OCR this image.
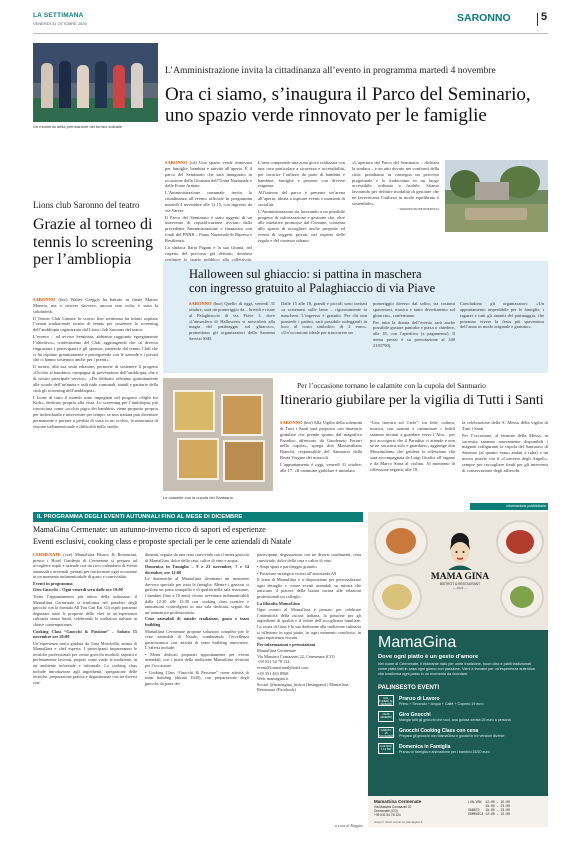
LA SETTIMANA
VENERDÌ 31 OTTOBRE 2025	SARONNO	5
L’Amministrazione invita la cittadinanza all’evento in programma martedì 4 novembre
Ora ci siamo, s’inaugura il Parco del Seminario,
uno spazio verde rinnovato per le famiglie

SARONNO (cd) Uno spazio verde rinnovato per famiglie, bambini e attività all’aperto. È il parco del Seminario che sarà inaugurato in occasione della Giornata dell’Unità Nazionale e delle Forze Armate.

L’Amministrazione comunale invita la cittadinanza all’evento ufficiale in programma martedì 4 novembre alle 11.15, con ingresso da via Varese.

Il Parco del Seminario è stato oggetto di un intervento di riqualificazione avviato dalla precedente Amministrazione e finanziato con fondi del PNRR – Piano Nazionale di Ripresa e Resilienza.

La sindaca Ilaria Pagani e la sua Giunta, nel rispetto del percorso già definito, desidera restituire lo spazio pubblico alla collettività,

L’area comprende una zona gioco realizzata con una cura particolare a sicurezza e accessibilità, per favorire l’utilizzo da parte di bambini e bambine, famiglie e persone con diverse esigenze.

All’interno del parco è presente un’arena all’aperto, ideata a ospitare eventi e momenti di socialità.

L’Amministrazione sta lavorando a un possibile progetto di valorizzazione e gestione che, oltre alle iniziative promosse dal Comune, consenta allo spazio di accogliere anche proposte ed eventi di soggetti privati, nel rispetto delle regole e del contesto urbano.

«L’apertura del Parco del Seminario – dichiara la sindaca – è un atto dovuto nei confronti della città: prendiamo in consegna un percorso progettuale e lo traduciamo in un luogo accessibile, ordinato e fruibile. Stiamo lavorando per definire modalità di gestione che ne favoriscano l’utilizzo in modo equilibrato e sostenibile».

© RIPRODUZIONE RISERVATA

Un momento della premiazione del torneo solidale
Lions club Saronno del teatro
Grazie al torneo di tennis lo screening per l’ambliopia

SARONNO (bur) Walter Greggis ha battuto in finale Matteo Moneta, ma a vincere davvero, ancora una volta, è stata la solidarietà.

Il Tennis Club Lainate lo scorso fine settimana ha infatti ospitato l’ormai tradizionale torneo di tennis per sostenere lo screening dell’ambliopia organizzato dal Lions club Saronno del teatro.

L’evento – ad avviso Seminara, abbiamo raggiunto egregiamente l’obiettivo», conferimento del Club, aggiungendo che «il diverso ringraziare i partecipanti e gli sponsor, partendo dal tennis Club che ci ha ospitato gratuitamente e proseguendo con le aziende e i privati che ci hanno sostenuto anche per i premi».

Il torneo, alla sua sesta edizione, permette di sostenere il progetto «Occhio ai bambini» campagna di prevenzione dell’ambliopia, che è di nostro principale service». «Da febbraio offriamo gratuitamente alle scuole dell’infanzia e asili nido comunali, statali e paritarie della città gli screening dell’ambliopia».

I Lions di tutto il mondo sono impegnati nel progetto «Sight for Kids», dedicato proprio alla vista. Lo screening per l’ambliopia, più conosciuta come «occhio pigro dei bambini» viene proposto proprio per individuarla e intervenire per tempo: se non trattata può diventare permanente e portare a perdita di vista in un occhio, la mancanza di visione tridimensionale e difficoltà nello studio.

Halloween sul ghiaccio: si pattina in maschera
con ingresso gratuito al Palaghiaccio di via Piave

SARONNO (bur) Quello di oggi, venerdì 31 ottobre, sarà un pomeriggio da... brividi e risate al Palaghiaccio di via Piave 1, dove «l’atmosfera di Halloween si mescolerà alla magia del pattinaggio sul ghiaccio», promettono gli organizzatori della Saronno Servizi SSD.

Dalle 15 alle 18, grandi e piccoli sono invitati «a scatenarsi sulle lame – rigorosamente in maschera. L’ingresso è gratuito. Per chi non possiede i pattini, sarà possibile noleggiarli in loco al costo simbolico di 2 euro». «Un’occasione ideale per trascorrere un

pomeriggio diverso dal solito, tra costumi spaventosi, musica e tanto divertimento sul ghiaccio», confermano.

Per tutta la durata dell’evento sarà anche possibile gustare pancake e pizza o chiedere, alle 18, con l’aperitivo (a pagamento). Il menu prezzi è su prenotazione al 340 2183790).

Concludono gli organizzatori: «Un appuntamento imperdibile per le famiglie, i ragazzi e tutti gli amanti del pattinaggio, che potranno vivere la festa più spaventosa dell’anno in modo originale e gratuito».

Le calamite con la cupola del Santuario
Per l’occasione tornano le calamite con la cupola del Santuario
Itinerario giubilare per la vigilia di Tutti i Santi

SARONNO (bur) Alla Vigilia della solennità di Tutti i Santi sarà proposto «un itinerario giubilare che prende spunto dal magnifico Paradiso affrescato da Gaudenzio Ferrari nella cupola», spiega don Massimiliano Bianchi, responsabile del Santuario della Beata Vergine dei miracoli.

L’appuntamento è oggi, venerdì 31 ottobre, alle 17. «Il cammino giubilare è intitolato

“Una finestra sul Cielo”: tra fede, cultura, musica, con uomini e camminare i fedeli saranno invitati a guardare verso l’Alto... per poi accorgersi che il Paradiso ci attende e non se ne sta mica solo e guardare», aggiunge don Massimiliano che guiderà la riflessione che sarà accompagnata da Luigi Giudici all’organo e da Marco Sirna al violino. Al momento di riflessione seguirà, alle 18,

la celebrazione della S. Messa della vigilia di Tutti i Santi.

Per l’occasione, al termine della Messa, in sacrestia saranno nuovamente disponibili i magneti raffiguranti la cupola del Santuario di Saronno (al quanto erano andati a ruba) e un nuovo puzzle con il «Concerto degli Angeli», sempre per raccogliere fondi per gli interventi di conservazione degli affreschi.

informazione pubblicitaria
IL PROGRAMMA DEGLI EVENTI AUTUNNALI FINO AL MESE DI DICEMBRE
MamaGina Cermenate: un autunno-inverno ricco di sapori ed esperienze
Eventi esclusivi, cooking class e proposte speciali per le cene aziendali di Natale

CERMENATE (coe) MamaGina Bistrot & Restaurant, presso i Hotel Gardenia di Cermenate si prepara ad accogliere ospiti e aziende con un ricco calendario di eventi autunnali e invernali, pensati per trasformare ogni occasione in un momento indimenticabile di gusto e convivialità.

Eventi in programma

Giro Gnocchi – Ogni venerdì sera dalle ore 19:00

Torna l’appuntamento più atteso della settimana: il MamaGina Cermenate si trasforma nel paradiso degli gnocchi con la formula All You Can Eat. Gli ospiti potranno degustare tutte le proposte dello chef in un’esperienza culinaria senza limiti, celebrando le tradizioni italiane in chiave contemporanea.

Cooking Class “Gnocchi & Passione” – Sabato 15 novembre ore 20:00

Un’esperienza unica guidata da Gina Moschella, anima di MamaGina e chef esperta. I partecipanti impareranno le tecniche professionali per creare gnocchi morbidi, saporiti e perfettamente lavorati, proprio come vuole la tradizione, in un ambiente informale e informale. La cooking class include introduzione agli ingredienti, spiegazione delle tecniche, preparazione pratica e degustazione con tre diversi con-

dimenti, seguita da una cena conviviale con il menu gnocchi di MamaGina, dolce della casa, calice di vino e acqua.

Domenica in Famiglia – 9 e 23 novembre, 7 e 14 dicembre, ore 12:00

Le domeniche al MamaGina diventano un momento davvero speciale per tutta la famiglia. Mentre i genitori si godono un pasto tranquillo e di qualità nella sala ristorante, i bambini (fino a 10 anni) vivono avventure indimenticabili dalle 12:30 alle 15:30 con cooking class creative e animazioni coinvolgenti in una sala dedicata, seguiti da un’animatrice professionista.

Cene aziendali di natale: tradizione, gusto e team building

MamaGina Cermenate propone soluzioni complete per le cene aziendali di Natale, combinando l’eccellenza gastronomica con attività di team building innovative. L’offerta include:

• Menu dedicati preparati appositamente per eventi aziendali, con i piatti della tradizione MamaGina rivisitati per l’occasione

• Cooking Class “Gnocchi & Passione” come attività di team building (durata 1h30), con preparazione degli gnocchi da parte dei

partecipanti, degustazione con tre diversi condimenti, cena conviviale, dolce della casa e calice di vino

• Ampi spazi e parcheggio gratuito

• Posizione strategica vicino all’autostrada A9

Il team di MamaGina è a disposizione per personalizzare ogni dettaglio e creare eventi aziendali su misura che uniscano il piacere della buona cucina alle relazioni professionali tra colleghi.

La filosofia MamaGina

Ogni evento al MamaGina è pensato per celebrare l’autenticità della cucina italiana, la passione per gli ingredienti di qualità e il valore dell’accoglienza familiare. La storia di Gina è la sua dedizione alla tradizione culinaria si riflettono in ogni piatto, in ogni momento condiviso, in ogni esperienza vissuta.

Per informazioni e prenotazioni

MamaGina Cermenate
Via Massimi Comazzini 22, Cermenate (CO)
+39 031 54 78 124
event@lomerfamilyhotel.com
+39 351 463 8968
Web: mamagina.it
Social: @mamagina_bistrot (Instagram) | MamaGina Restaurant (Facebook)

a cura di Ruggito
MAMA GINA
BISTROT & RESTAURANT
— 2023 —
MamaGina
Dove ogni piatto è un gesto d’amore
Nel cuore di Cermenate, il ristorante nato per unire tradizione, buon cibo e piatti tradizionali come piatti fatti in casa ogni giorno con passione. Vieni a trovarci per un’esperienza autentica che trasforma ogni pasto in un momento da ricordare.
PALINSESTO EVENTI
DAL LUNEDÌ AL VENERDÌ
Pranzo di Lavoro
Primo + Secondo + Acqua + Caffè + Coperto 19 euro
OGNI VENERDÌ
Giro Gnocchi
Mangia tutti gli gnocchi che vuoi, una golosa serata 25 euro a persona
SABATO 15 NOVEMBRE
Gnocchi Cooking Class con cena
Prepara gli gnocchi con MamaGina e gustali in tre versioni diverse
9-23 NOV 7-14 DIC
Domenica in Famiglia
Pranzo in famiglia e animazione per i bambini 15/20 euro
MamaGina Cermenate
Via Massimi Comazzini 22
Cermenate (CO)
+39 031 54 78 124
Scopri i nostri eventi su mamagina.it
LUN–VEN  12:00 – 15:00
19:00 – 23:00
SABATO   19:00 – 23:00
DOMENICA 12:00 – 15:00
